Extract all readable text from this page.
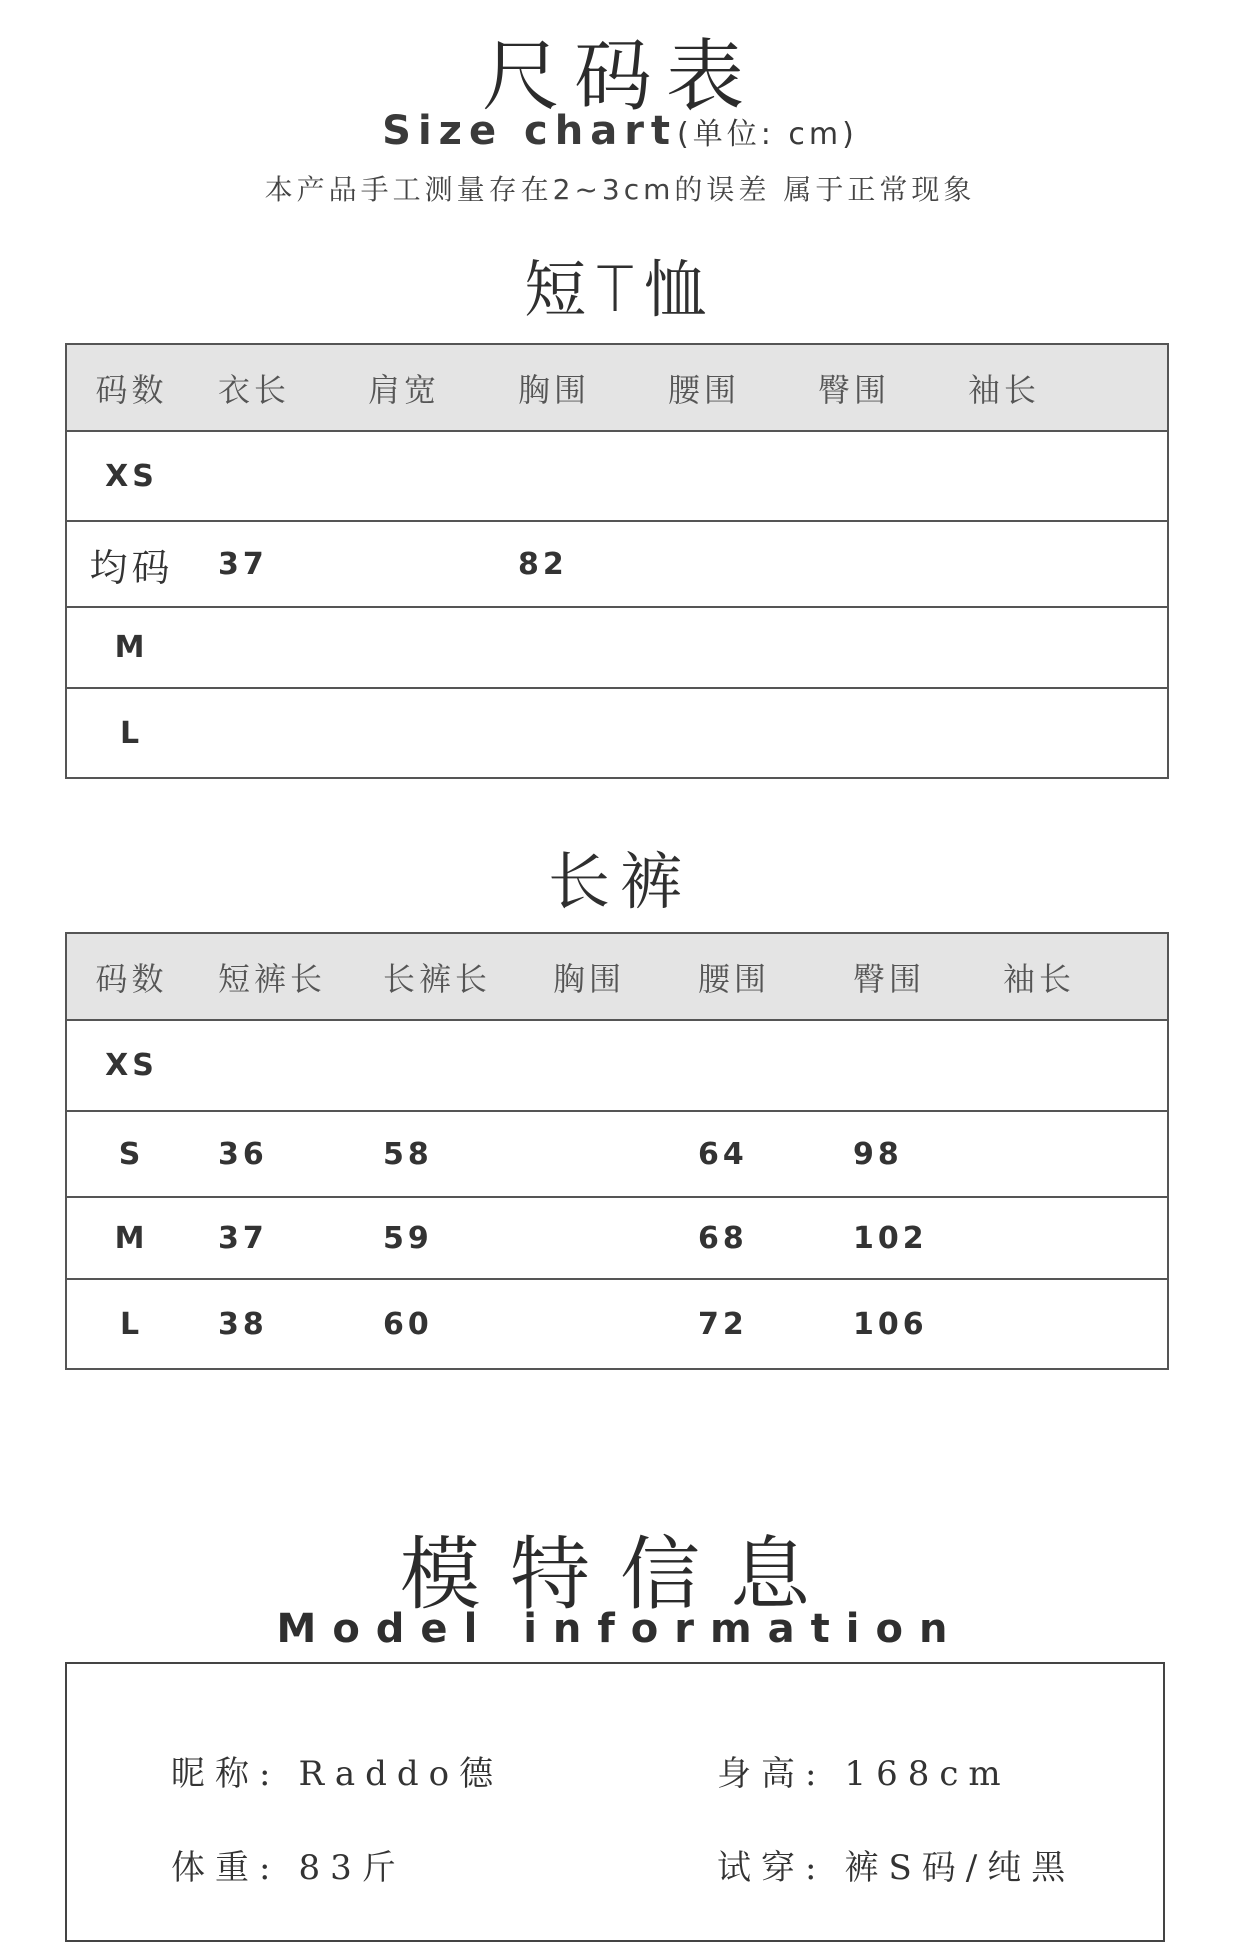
尺码表
Size chart(单位: cm)
本产品手工测量存在2~3cm的误差 属于正常现象
短T恤
码数	衣长	肩宽	胸围	腰围	臀围	袖长
XS						
均码	37		82			
M						
L						
长裤
码数	短裤长	长裤长	胸围	腰围	臀围	袖长
XS						
S	36	58		64	98	
M	37	59		68	102	
L	38	60		72	106	
模特信息
Model information
昵称: Raddo德	身高: 168cm
体重: 83斤	试穿: 裤S码/纯黑
